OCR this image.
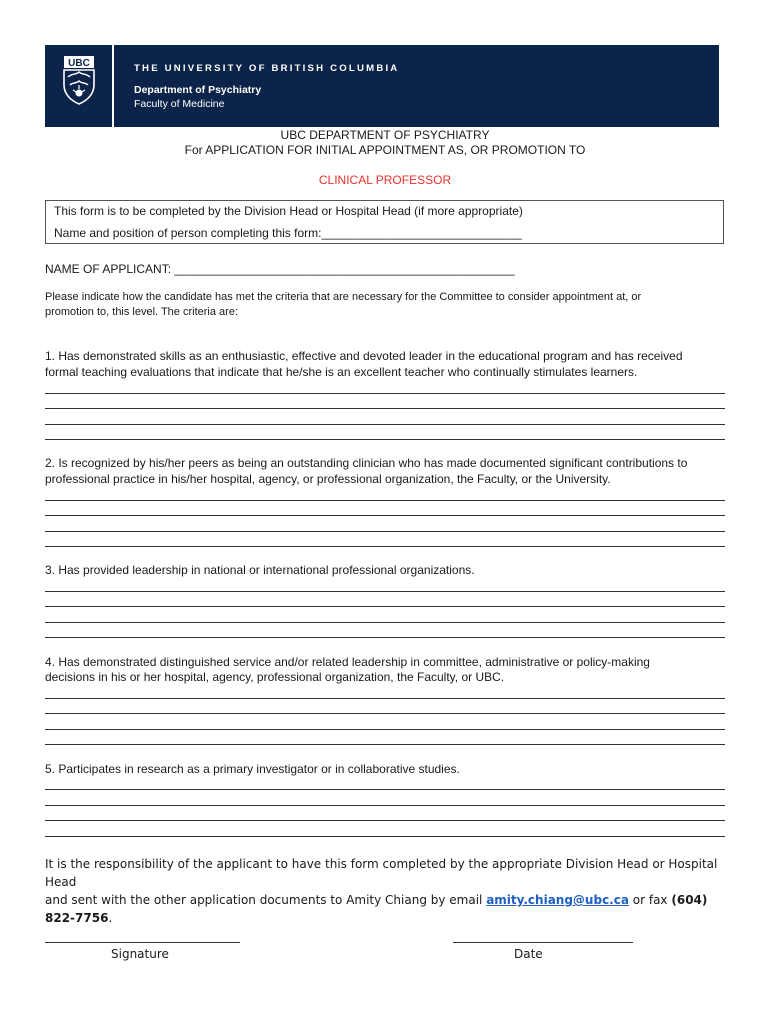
UBC	THE UNIVERSITY OF BRITISH COLUMBIA
Department of Psychiatry
Faculty of Medicine
UBC DEPARTMENT OF PSYCHIATRY
For APPLICATION FOR INITIAL APPOINTMENT AS, OR PROMOTION TO
CLINICAL PROFESSOR
This form is to be completed by the Division Head or Hospital Head (if more appropriate)
Name and position of person completing this form:______________________________
NAME OF APPLICANT: ___________________________________________________
Please indicate how the candidate has met the criteria that are necessary for the Committee to consider appointment at, or
promotion to, this level. The criteria are:
1. Has demonstrated skills as an enthusiastic, effective and devoted leader in the educational program and has received
formal teaching evaluations that indicate that he/she is an excellent teacher who continually stimulates learners.
2. Is recognized by his/her peers as being an outstanding clinician who has made documented significant contributions to
professional practice in his/her hospital, agency, or professional organization, the Faculty, or the University.
3. Has provided leadership in national or international professional organizations.
4. Has demonstrated distinguished service and/or related leadership in committee, administrative or policy-making
decisions in his or her hospital, agency, professional organization, the Faculty, or UBC.
5. Participates in research as a primary investigator or in collaborative studies.
It is the responsibility of the applicant to have this form completed by the appropriate Division Head or Hospital Head
and sent with the other application documents to Amity Chiang by email amity.chiang@ubc.ca or fax (604) 822-7756.
Signature	Date
